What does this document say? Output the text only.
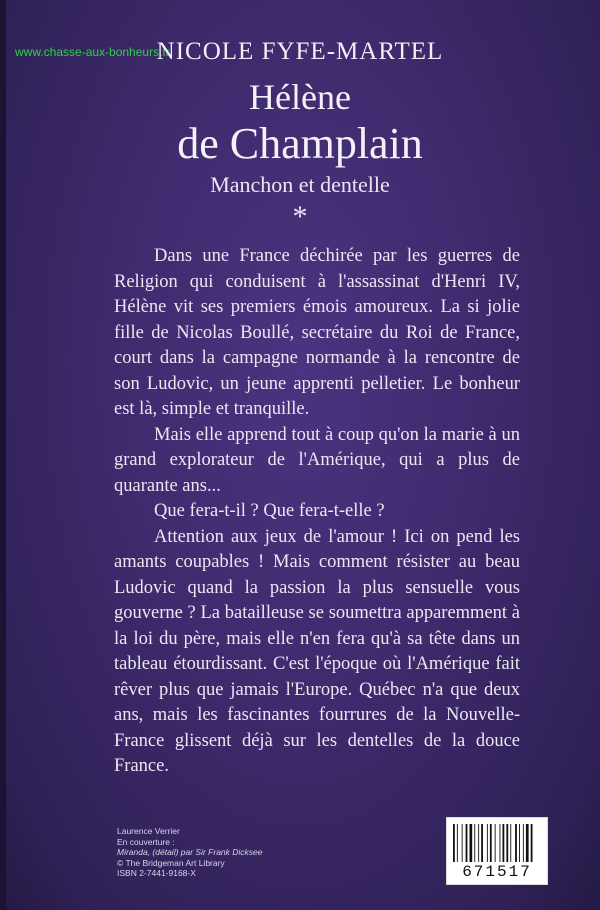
www.chasse-aux-bonheurs.fr
NICOLE FYFE-MARTEL
Hélène
de Champlain
Manchon et dentelle
*

Dans une France déchirée par les guerres de Religion qui conduisent à l'assassinat d'Henri IV, Hélène vit ses premiers émois amoureux. La si jolie fille de Nicolas Boullé, secrétaire du Roi de France, court dans la campagne normande à la rencontre de son Ludovic, un jeune apprenti pelletier. Le bonheur est là, simple et tranquille.

Mais elle apprend tout à coup qu'on la marie à un grand explorateur de l'Amérique, qui a plus de quarante ans...

Que fera-t-il ? Que fera-t-elle ?

Attention aux jeux de l'amour ! Ici on pend les amants coupables ! Mais comment résister au beau Ludovic quand la passion la plus sensuelle vous gouverne ? La batailleuse se soumettra apparemment à la loi du père, mais elle n'en fera qu'à sa tête dans un tableau étourdissant. C'est l'époque où l'Amérique fait rêver plus que jamais l'Europe. Québec n'a que deux ans, mais les fascinantes fourrures de la Nouvelle-France glissent déjà sur les dentelles de la douce France.

Laurence Verrier
En couverture :
Miranda, (détail) par Sir Frank Dicksee
© The Bridgeman Art Library
ISBN 2-7441-9168-X	671517
